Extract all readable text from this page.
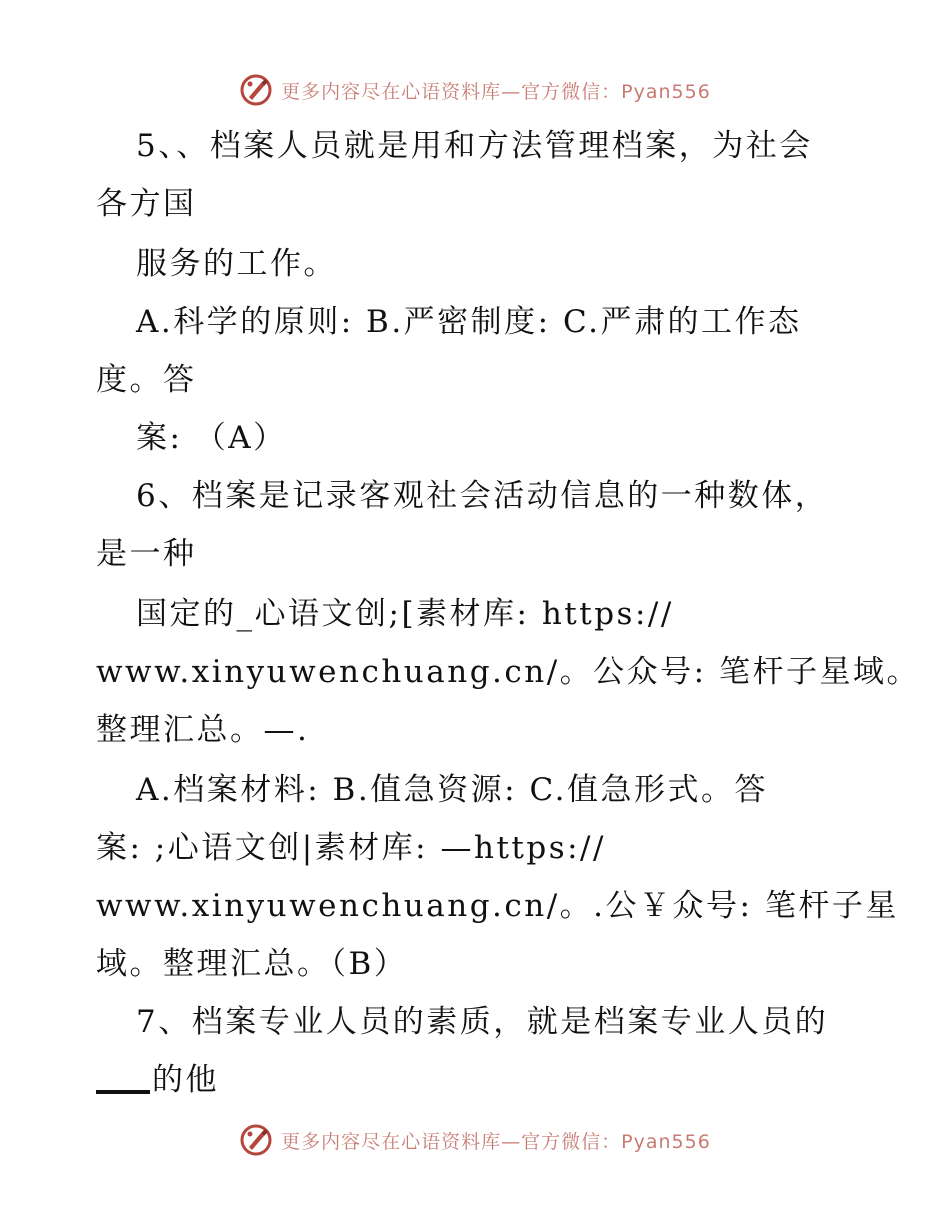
更多内容尽在心语资料库—官方微信：Pyan556
5、、档案人员就是用和方法管理档案，为社会
各方国
服务的工作。
A.科学的原则: B.严密制度: C.严肃的工作态
度。答
案: （A）
6、档案是记录客观社会活动信息的一种数体，
是一种
国定的_心语文创;[素材库: https://
www.xinyuwenchuang.cn/。公众号: 笔杆子星域。
整理汇总。—.
A.档案材料: B.值急资源: C.值急形式。答
案: ;心语文创|素材库: —https://
www.xinyuwenchuang.cn/。.公￥众号: 笔杆子星
域。整理汇总。（B）
7、档案专业人员的素质，就是档案专业人员的
的他
更多内容尽在心语资料库—官方微信：Pyan556
